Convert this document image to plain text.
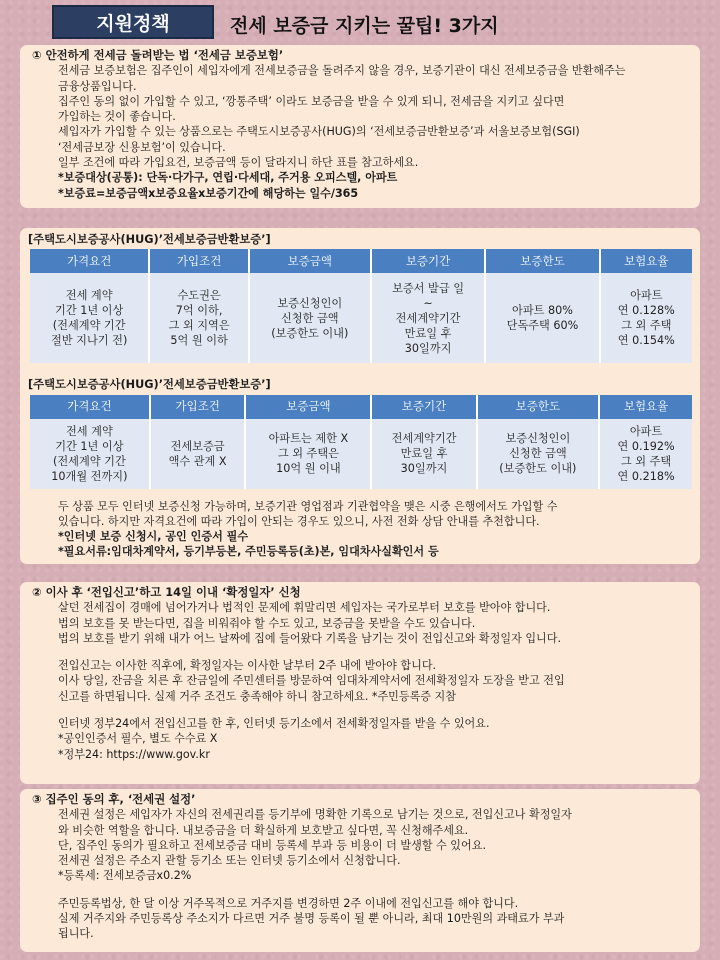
지원정책	전세 보증금 지키는 꿀팁! 3가지
① 안전하게 전세금 돌려받는 법 ‘전세금 보증보험’
전세금 보증보험은 집주인이 세입자에게 전세보증금을 돌려주지 않을 경우, 보증기관이 대신 전세보증금을 반환해주는
금융상품입니다.
집주인 동의 없이 가입할 수 있고, ‘깡통주택’ 이라도 보증금을 받을 수 있게 되니, 전세금을 지키고 싶다면
가입하는 것이 좋습니다.
세입자가 가입할 수 있는 상품으로는 주택도시보증공사(HUG)의 ‘전세보증금반환보증’과 서울보증보험(SGI)
‘전세금보장 신용보험’이 있습니다.
일부 조건에 따라 가입요건, 보증금액 등이 달라지니 하단 표를 참고하세요.
*보증대상(공통): 단독·다가구, 연립·다세대, 주거용 오피스텔, 아파트
*보증료=보증금액x보증요율x보증기간에 해당하는 일수/365
[주택도시보증공사(HUG)’전세보증금반환보증’]
가격요건	가입조건	보증금액	보증기간	보증한도	보험요율

전세 계약
기간 1년 이상
(전세계약 기간
절반 지나기 전)	수도권은
7억 이하,
그 외 지역은
5억 원 이하	보증신청인이
신청한 금액
(보증한도 이내)	보증서 발급 일
~
전세계약기간
만료일 후
30일까지	아파트 80%
단독주택 60%	아파트
연 0.128%
그 외 주택
연 0.154%
[주택도시보증공사(HUG)’전세보증금반환보증’]
가격요건	가입조건	보증금액	보증기간	보증한도	보험요율

전세 계약
기간 1년 이상
(전세계약 기간
10개월 전까지)	전세보증금
액수 관계 X	아파트는 제한 X
그 외 주택은
10억 원 이내	전세계약기간
만료일 후
30일까지	보증신청인이
신청한 금액
(보증한도 이내)	아파트
연 0.192%
그 외 주택
연 0.218%
두 상품 모두 인터넷 보증신청 가능하며, 보증기관 영업점과 기관협약을 맺은 시중 은행에서도 가입할 수
있습니다. 하지만 자격요건에 따라 가입이 안되는 경우도 있으니, 사전 전화 상담 안내를 추천합니다.
*인터넷 보증 신청시, 공인 인증서 필수
*필요서류:임대차계약서, 등기부등본, 주민등록등(초)본, 임대차사실확인서 등
② 이사 후 ‘전입신고’하고 14일 이내 ‘확정일자’ 신청
살던 전세집이 경매에 넘어가거나 법적인 문제에 휘말리면 세입자는 국가로부터 보호를 받아야 합니다.
법의 보호를 못 받는다면, 집을 비워줘야 할 수도 있고, 보증금을 못받을 수도 있습니다.
법의 보호를 받기 위해 내가 어느 날짜에 집에 들어왔다 기록을 남기는 것이 전입신고와 확정일자 입니다.
전입신고는 이사한 직후에, 확정일자는 이사한 날부터 2주 내에 받아야 합니다.
이사 당일, 잔금을 치른 후 잔금일에 주민센터를 방문하여 임대차계약서에 전세확정일자 도장을 받고 전입
신고를 하면됩니다. 실제 거주 조건도 충족해야 하니 참고하세요. *주민등록증 지참
인터넷 정부24에서 전입신고를 한 후, 인터넷 등기소에서 전세확정일자를 받을 수 있어요.
*공인인증서 필수, 별도 수수료 X
*정부24: https://www.gov.kr
③ 집주인 동의 후, ‘전세권 설정’
전세권 설정은 세입자가 자신의 전세권리를 등기부에 명확한 기록으로 남기는 것으로, 전입신고나 확정일자
와 비슷한 역할을 합니다. 내보증금을 더 확실하게 보호받고 싶다면, 꼭 신청해주세요.
단, 집주인 동의가 필요하고 전세보증금 대비 등록세 부과 등 비용이 더 발생할 수 있어요.
전세권 설정은 주소지 관할 등기소 또는 인터넷 등기소에서 신청합니다.
*등록세: 전세보증금x0.2%
주민등록법상, 한 달 이상 거주목적으로 거주지를 변경하면 2주 이내에 전입신고를 해야 합니다.
실제 거주지와 주민등록상 주소지가 다르면 거주 불명 등록이 될 뿐 아니라, 최대 10만원의 과태료가 부과
됩니다.
